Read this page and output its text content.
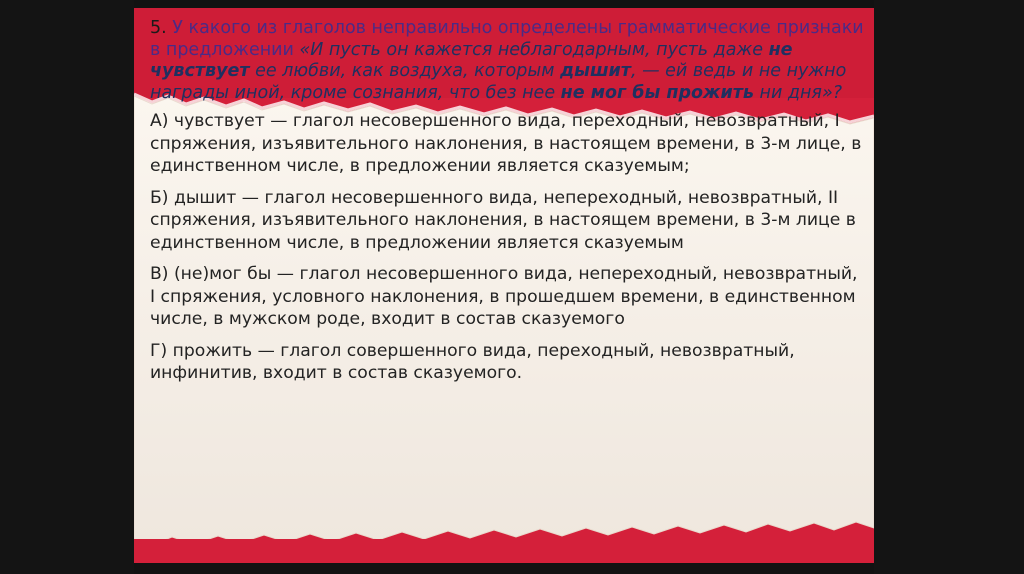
5. У какого из глаголов неправильно определены грамматические признаки в предложении «И пусть он кажется неблагодарным, пусть даже не чувствует ее любви, как воздуха, которым дышит, — ей ведь и не нужно награды иной, кроме сознания, что без нее не мог бы прожить ни дня»?

А) чувствует — глагол несовершенного вида, переходный, невозвратный, I спряжения, изъявительного наклонения, в настоящем времени, в 3-м лице, в единственном числе, в предложении является сказуемым;

Б) дышит — глагол несовершенного вида, непереходный, невозвратный, II спряжения, изъявительного наклонения, в настоящем времени, в 3-м лице в единственном числе, в предложении является сказуемым

В) (не)мог бы — глагол несовершенного вида, непереходный, невозвратный, I спряжения, условного наклонения, в прошедшем времени, в единственном числе, в мужском роде, входит в состав сказуемого

Г) прожить — глагол совершенного вида, переходный, невозвратный, инфинитив, входит в состав сказуемого.
